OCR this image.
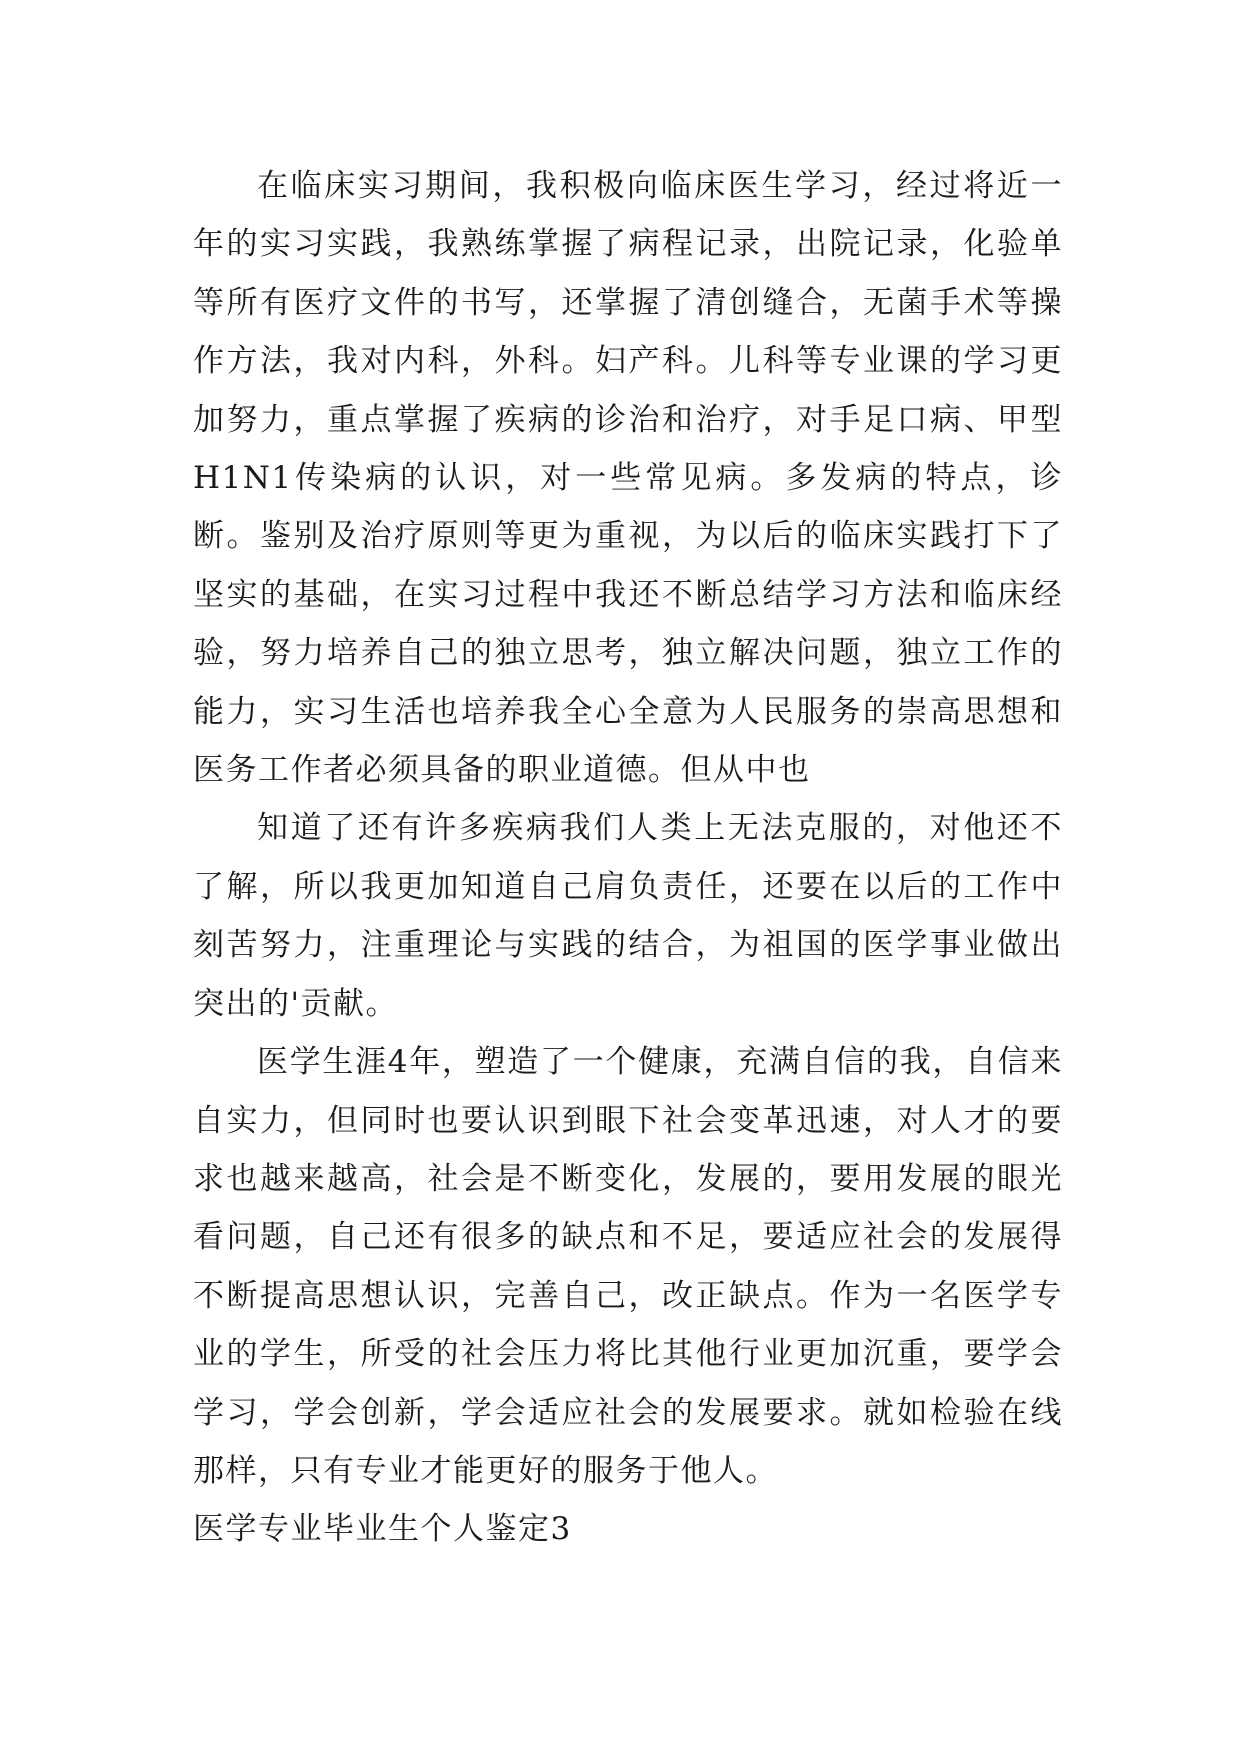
在临床实习期间，我积极向临床医生学习，经过将近一年的实习实践，我熟练掌握了病程记录，出院记录，化验单等所有医疗文件的书写，还掌握了清创缝合，无菌手术等操作方法，我对内科，外科。妇产科。儿科等专业课的学习更加努力，重点掌握了疾病的诊治和治疗，对手足口病、甲型H1N1传染病的认识，对一些常见病。多发病的特点，诊断。鉴别及治疗原则等更为重视，为以后的临床实践打下了坚实的基础，在实习过程中我还不断总结学习方法和临床经验，努力培养自己的独立思考，独立解决问题，独立工作的能力，实习生活也培养我全心全意为人民服务的崇高思想和医务工作者必须具备的职业道德。但从中也

知道了还有许多疾病我们人类上无法克服的，对他还不了解，所以我更加知道自己肩负责任，还要在以后的工作中刻苦努力，注重理论与实践的结合，为祖国的医学事业做出突出的'贡献。

医学生涯4年，塑造了一个健康，充满自信的我，自信来自实力，但同时也要认识到眼下社会变革迅速，对人才的要求也越来越高，社会是不断变化，发展的，要用发展的眼光看问题，自己还有很多的缺点和不足，要适应社会的发展得不断提高思想认识，完善自己，改正缺点。作为一名医学专业的学生，所受的社会压力将比其他行业更加沉重，要学会学习，学会创新，学会适应社会的发展要求。就如检验在线那样，只有专业才能更好的服务于他人。

医学专业毕业生个人鉴定3
